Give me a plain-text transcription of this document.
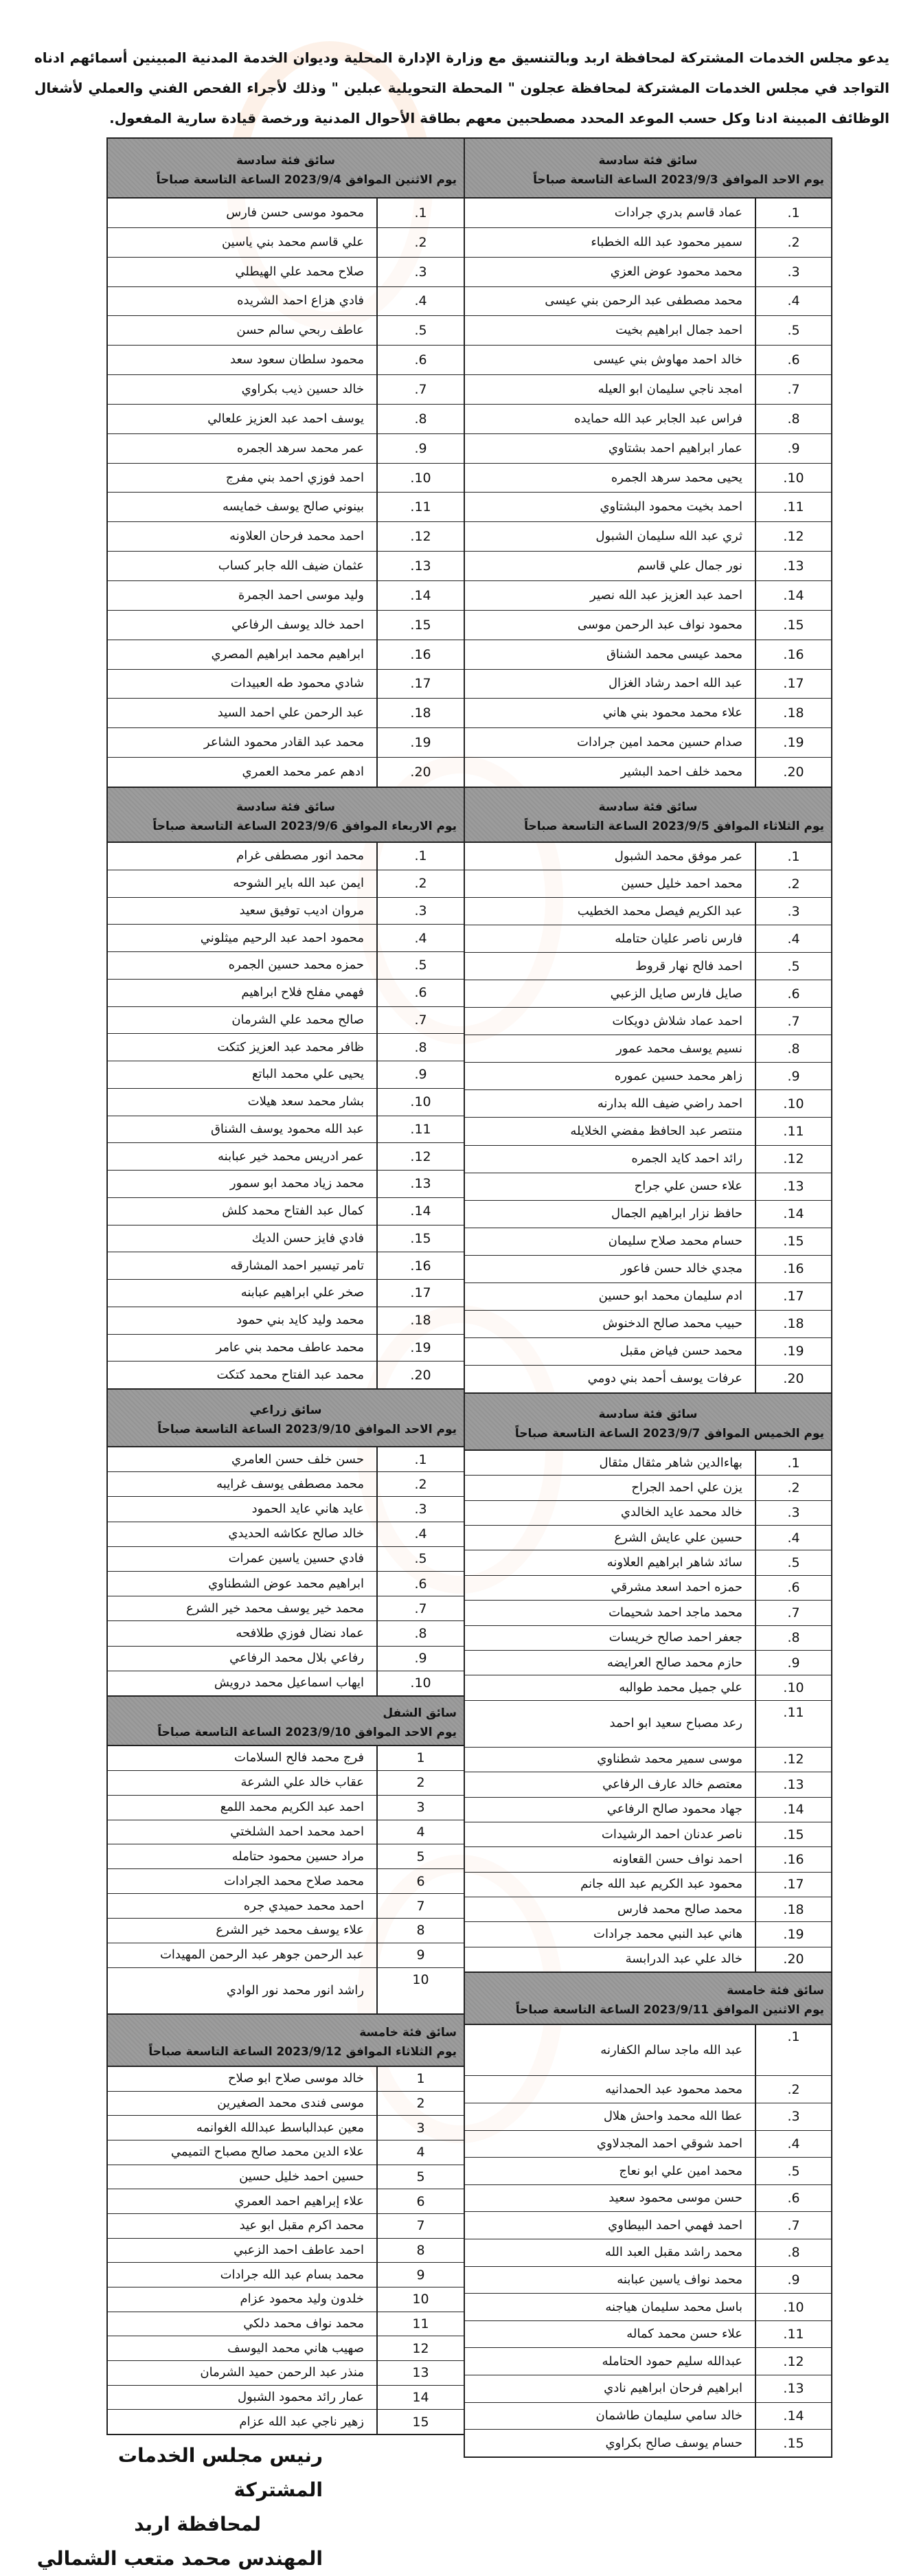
يدعو مجلس الخدمات المشتركة لمحافظة اربد وبالتنسيق مع وزارة الإدارة المحلية وديوان الخدمة المدنية المبينين أسمائهم ادناه
التواجد في مجلس الخدمات المشتركة لمحافظة عجلون " المحطة التحويلية عبلين " وذلك لأجراء الفحص الفني والعملي لأشغال
الوظائف المبينة ادنا وكل حسب الموعد المحدد مصطحبين معهم بطاقة الأحوال المدنية ورخصة قيادة سارية المفعول.
سائق فئة سادسة
يوم الاحد الموافق 2023/9/3 الساعة التاسعة صباحاً
1.
عماد قاسم بدري جرادات
2.
سمير محمود عبد الله الخطباء
3.
محمد محمود عوض العزي
4.
محمد مصطفى عبد الرحمن بني عيسى
5.
احمد جمال ابراهيم بخيت
6.
خالد احمد مهاوش بني عيسى
7.
امجد ناجي سليمان ابو العيله
8.
فراس عبد الجابر عبد الله حمايده
9.
عمار ابراهيم احمد بشتاوي
10.
يحيى محمد سرهد الجمره
11.
احمد بخيت محمود البشتاوي
12.
ثري عبد الله سليمان الشبول
13.
نور جمال علي قاسم
14.
احمد عبد العزيز عبد الله نصير
15.
محمود نواف عبد الرحمن موسى
16.
محمد عيسى محمد الشناق
17.
عبد الله احمد رشاد الغزال
18.
علاء محمد محمود بني هاني
19.
صدام حسين محمد امين جرادات
20.
محمد خلف احمد البشير
سائق فئة سادسة
يوم الثلاثاء الموافق 2023/9/5 الساعة التاسعة صباحاً
1.
عمر موفق محمد الشبول
2.
محمد احمد خليل حسين
3.
عبد الكريم فيصل محمد الخطيب
4.
فارس ناصر عليان حتامله
5.
احمد فالح نهار قروط
6.
صايل فارس صايل الزعبي
7.
احمد عماد شلاش دويكات
8.
نسيم يوسف محمد عمور
9.
زاهر محمد حسين عموره
10.
احمد راضي ضيف الله بدارنه
11.
منتصر عبد الحافظ مفضي الخلايله
12.
رائد احمد كايد الجمره
13.
علاء حسن علي جراح
14.
حافظ نزار ابراهيم الجمال
15.
حسام محمد صلاح سليمان
16.
مجدي خالد حسن فاعور
17.
ادم سليمان محمد ابو حسين
18.
حبيب محمد صالح الدخنوش
19.
محمد حسن فياض مقبل
20.
عرفات يوسف أحمد بني دومي
سائق فئة سادسة
يوم الخميس الموافق 2023/9/7 الساعة التاسعة صباحاً
1.
بهاءالدين شاهر مثقال مثقال
2.
يزن علي احمد الجراح
3.
خالد محمد عايد الخالدي
4.
حسين علي عايش الشرع
5.
سائد شاهر ابراهيم العلاونه
6.
حمزه احمد اسعد مشرقي
7.
محمد ماجد احمد شحيمات
8.
جعفر احمد صالح خريسات
9.
حازم محمد صالح العرايضه
10.
علي جميل محمد طوالبه
11.
رعد مصباح سعيد ابو احمد
12.
موسى سمير محمد شطناوي
13.
معتصم خالد عارف الرفاعي
14.
جهاد محمود صالح الرفاعي
15.
ناصر عدنان احمد الرشيدات
16.
احمد نواف حسن القعاونه
17.
محمود عبد الكريم عبد الله جانم
18.
محمد صالح محمد فارس
19.
هاني عبد النبي محمد جرادات
20.
خالد علي عبد الدرابسة
سائق فئة خامسة
يوم الاثنين الموافق 2023/9/11 الساعة التاسعة صباحاً
1.
عبد الله ماجد سالم الكفارنه
2.
محمد محمود عبد الحمدانيه
3.
عطا الله محمد واحش هلال
4.
احمد شوقي احمد المجدلاوي
5.
محمد امين علي ابو نعاج
6.
حسن موسى محمود سعيد
7.
احمد فهمي احمد البيطاوي
8.
محمد راشد مقبل العبد الله
9.
محمد نواف ياسين عبابنه
10.
باسل محمد سليمان هياجنه
11.
علاء حسن محمد كماله
12.
عبدالله سليم حمود الحتامله
13.
ابراهيم فرحان ابراهيم نادي
14.
خالد سامي سليمان طاشمان
15.
حسام يوسف صالح بكراوي
سائق فئة سادسة
يوم الاثنين الموافق 2023/9/4 الساعة التاسعة صباحاً
1.
محمود موسى حسن فارس
2.
علي قاسم محمد بني ياسين
3.
صلاح محمد علي الهيطلي
4.
فادي هزاع احمد الشريده
5.
عاطف ربحي سالم حسن
6.
محمود سلطان سعود سعد
7.
خالد حسين ذيب بكراوي
8.
يوسف احمد عبد العزيز علعالي
9.
عمر محمد سرهد الجمره
10.
احمد فوزي احمد بني مفرج
11.
بينوني صالح يوسف خمايسه
12.
احمد محمد فرحان العلاونه
13.
عثمان ضيف الله جابر كساب
14.
وليد موسى احمد الجمرة
15.
احمد خالد يوسف الرفاعي
16.
ابراهيم محمد ابراهيم المصري
17.
شادي محمود طه العبيدات
18.
عبد الرحمن علي احمد السيد
19.
محمد عبد القادر محمود الشاعر
20.
ادهم عمر محمد العمري
سائق فئة سادسة
يوم الاربعاء الموافق 2023/9/6 الساعة التاسعة صباحاً
1.
محمد انور مصطفى غرام
2.
ايمن عبد الله باير الشوحه
3.
مروان اديب توفيق سعيد
4.
محمود احمد عبد الرحيم ميثلوني
5.
حمزه محمد حسين الجمره
6.
فهمي مفلح فلاح ابراهيم
7.
صالح محمد علي الشرمان
8.
ظافر محمد عبد العزيز كتكت
9.
يحيى علي محمد الباتع
10.
بشار محمد سعد هيلات
11.
عبد الله محمود يوسف الشناق
12.
عمر ادريس محمد خير عبابنه
13.
محمد زياد محمد ابو سمور
14.
كمال عبد الفتاح محمد كلش
15.
فادي فايز حسن الديك
16.
تامر تيسير احمد المشارقه
17.
صخر علي ابراهيم عبابنه
18.
محمد وليد كايد بني حمود
19.
محمد عاطف محمد بني عامر
20.
محمد عبد الفتاح محمد كتكت
سائق زراعي
يوم الاحد الموافق 2023/9/10 الساعة التاسعة صباحاً
1.
حسن خلف حسن العامري
2.
محمد مصطفى يوسف غرايبه
3.
عايد هاني عايد الحمود
4.
خالد صالح عكاشه الحديدي
5.
فادي حسين ياسين عمرات
6.
ابراهيم محمد عوض الشطناوي
7.
محمد خير يوسف محمد خير الشرع
8.
عماد نضال فوزي طلافحه
9.
رفاعي بلال محمد الرفاعي
10.
ايهاب اسماعيل محمد درويش
سائق الشفل
يوم الاحد الموافق 2023/9/10 الساعة التاسعة صباحاً
1
فرج محمد فالح السلامات
2
عقاب خالد علي الشرعة
3
احمد عبد الكريم محمد اللمع
4
احمد محمد احمد الشلختي
5
مراد حسين محمود حتامله
6
محمد صلاح محمد الجرادات
7
احمد محمد حميدي جره
8
علاء يوسف محمد خير الشرع
9
عبد الرحمن جوهر عبد الرحمن المهيدات
10
راشد انور محمد نور الوادي
سائق فئة خامسة
يوم الثلاثاء الموافق 2023/9/12 الساعة التاسعة صباحاً
1
خالد موسى صلاح ابو صلاح
2
موسى فندى محمد الصغيرين
3
معين عبدالباسط عبدالله الغوانمه
4
علاء الدين محمد صالح مصباح التميمي
5
حسين احمد خليل حسين
6
علاء إبراهيم احمد العمري
7
محمد اكرم مقبل ابو عيد
8
احمد عاطف احمد الزعبي
9
محمد بسام عبد الله جرادات
10
خلدون وليد محمود عزام
11
محمد نواف محمد دلكي
12
صهيب هاني محمد اليوسف
13
منذر عبد الرحمن حميد الشرمان
14
عمار رائد محمود الشبول
15
زهير ناجي عبد الله عزام
رنيس مجلس الخدمات المشتركة
لمحافظة اربد
المهندس محمد متعب الشمالي
